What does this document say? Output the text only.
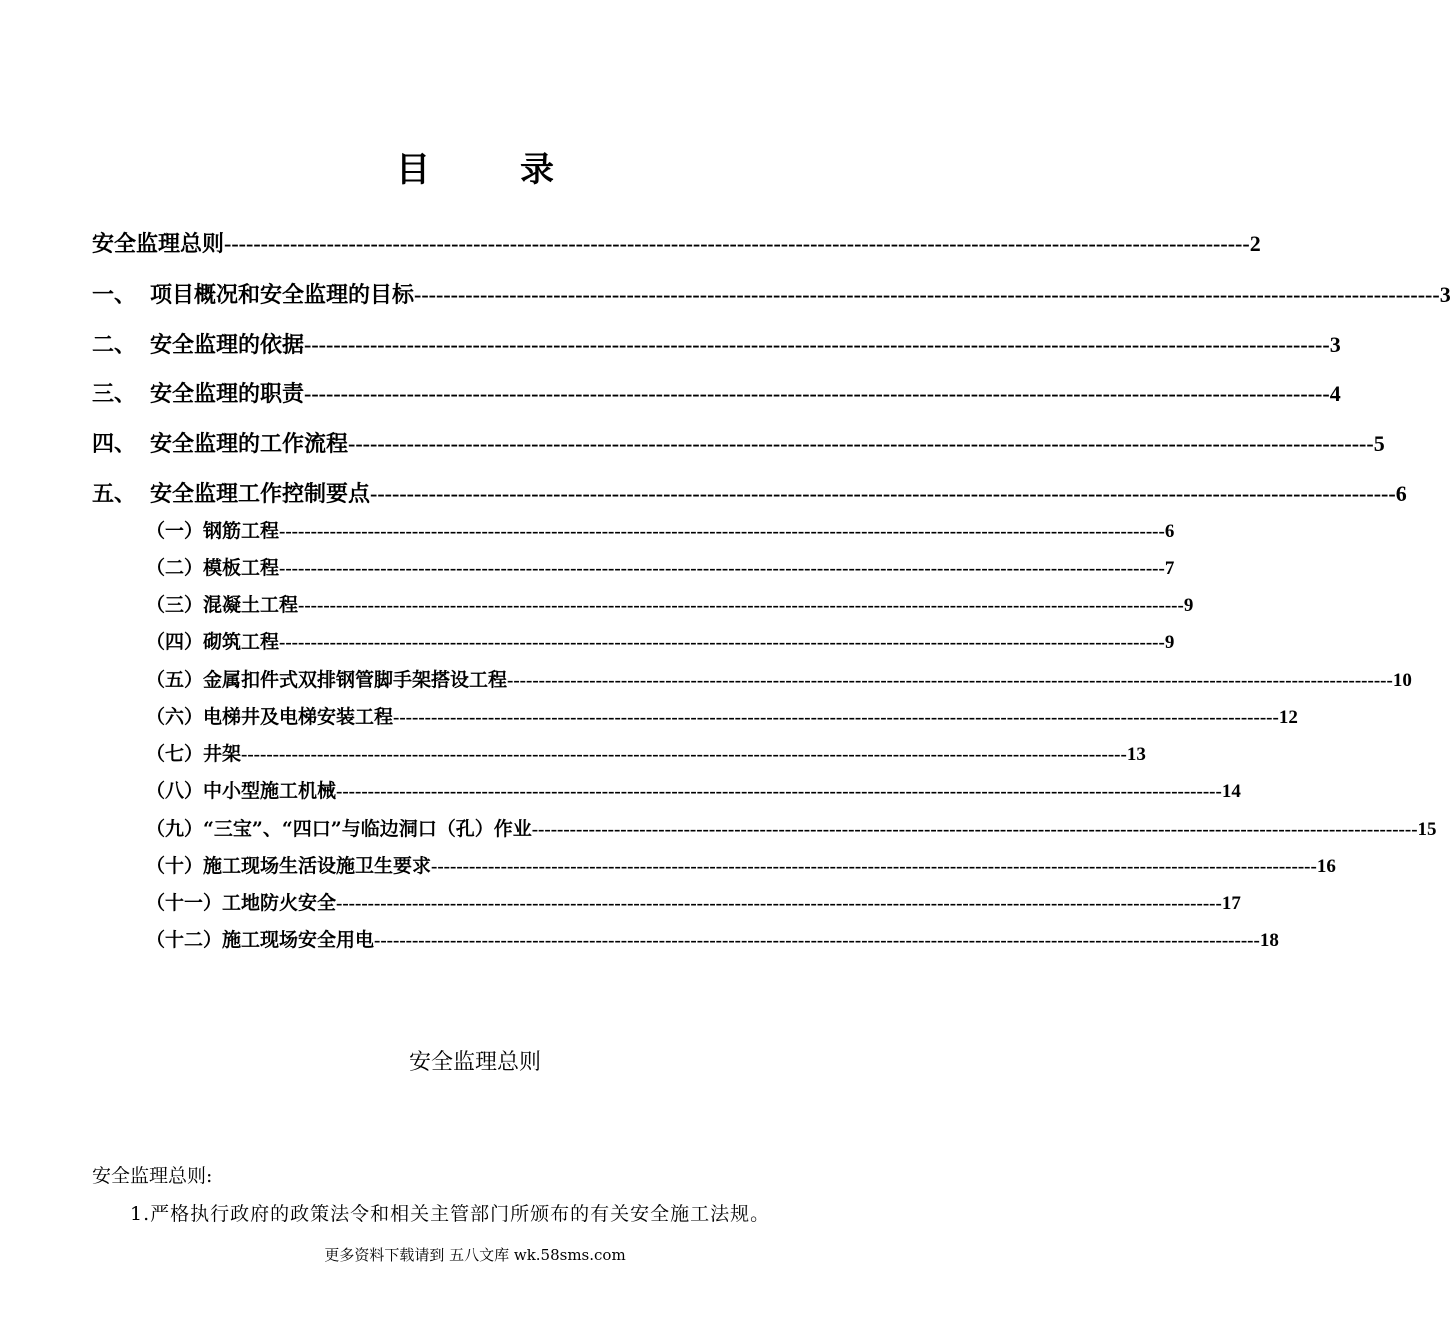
目	录
安全监理总则 -------------------------------------------------------------------------------------------------------------------------------------------- 2
一、 项目概况和安全监理的目标 -------------------------------------------------------------------------------------------------------------------------------------------- 3
二、 安全监理的依据 -------------------------------------------------------------------------------------------------------------------------------------------- 3
三、 安全监理的职责 -------------------------------------------------------------------------------------------------------------------------------------------- 4
四、 安全监理的工作流程 -------------------------------------------------------------------------------------------------------------------------------------------- 5
五、 安全监理工作控制要点 -------------------------------------------------------------------------------------------------------------------------------------------- 6
（一）钢筋工程 -------------------------------------------------------------------------------------------------------------------------------------------- 6
（二）模板工程 -------------------------------------------------------------------------------------------------------------------------------------------- 7
（三）混凝土工程 -------------------------------------------------------------------------------------------------------------------------------------------- 9
（四）砌筑工程 -------------------------------------------------------------------------------------------------------------------------------------------- 9
（五）金属扣件式双排钢管脚手架搭设工程 -------------------------------------------------------------------------------------------------------------------------------------------- 10
（六）电梯井及电梯安装工程 -------------------------------------------------------------------------------------------------------------------------------------------- 12
（七）井架 -------------------------------------------------------------------------------------------------------------------------------------------- 13
（八）中小型施工机械 -------------------------------------------------------------------------------------------------------------------------------------------- 14
（九）“三宝”、“四口”与临边洞口（孔）作业 -------------------------------------------------------------------------------------------------------------------------------------------- 15
（十）施工现场生活设施卫生要求 -------------------------------------------------------------------------------------------------------------------------------------------- 16
（十一）工地防火安全 -------------------------------------------------------------------------------------------------------------------------------------------- 17
（十二）施工现场安全用电 -------------------------------------------------------------------------------------------------------------------------------------------- 18
安全监理总则
安全监理总则:
1.严格执行政府的政策法令和相关主管部门所颁布的有关安全施工法规。
更多资料下载请到 五八文库 wk.58sms.com
